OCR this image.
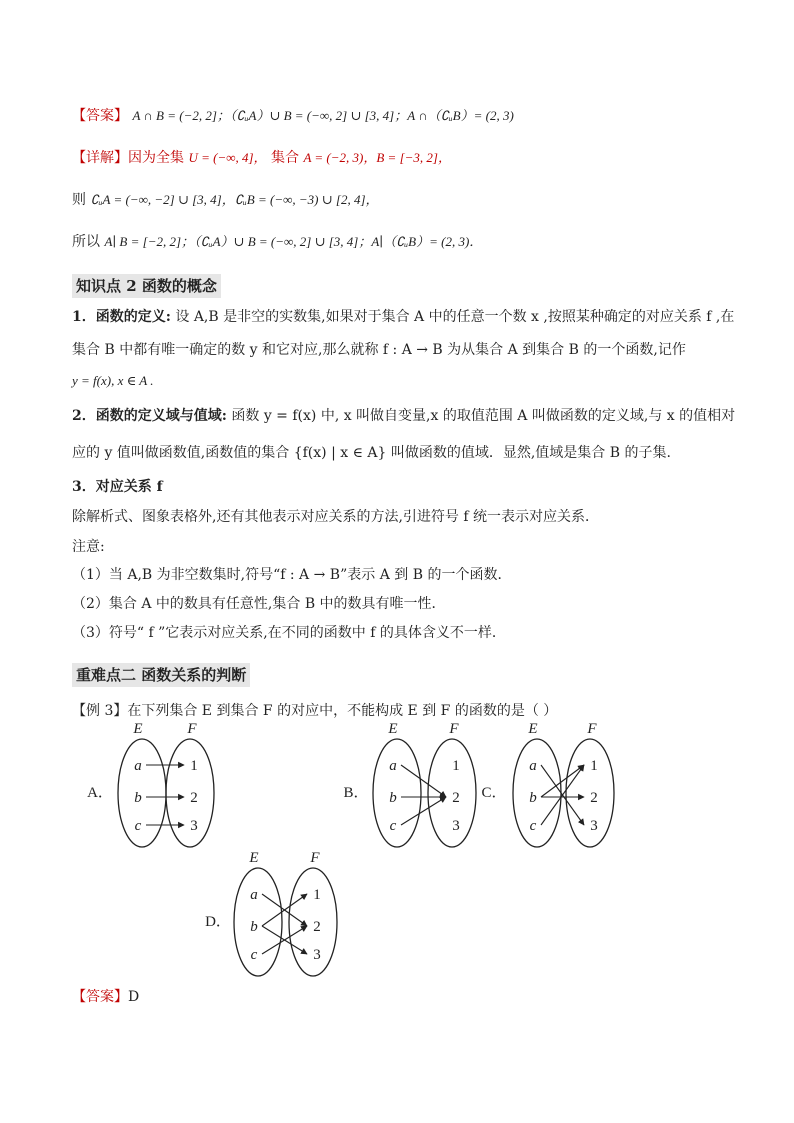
【答案】 A ∩ B = (−2, 2]；（∁ᵤA）∪ B = (−∞, 2] ∪ [3, 4]；A ∩（∁ᵤB）= (2, 3)
【详解】因为全集 U = (−∞, 4]， 集合 A = (−2, 3)，B = [−3, 2]，
则 ∁ᵤA = (−∞, −2] ∪ [3, 4]，∁ᵤB = (−∞, −3) ∪ [2, 4]，
所以 A∣ B = [−2, 2]；（∁ᵤA）∪ B = (−∞, 2] ∪ [3, 4]；A∣（∁ᵤB）= (2, 3)．
知识点 2 函数的概念
1．函数的定义: 设 A,B 是非空的实数集,如果对于集合 A 中的任意一个数 x ,按照某种确定的对应关系 f ,在
集合 B 中都有唯一确定的数 y 和它对应,那么就称 f : A → B 为从集合 A 到集合 B 的一个函数,记作
y = f(x), x ∈ A .
2．函数的定义域与值域: 函数 y = f(x) 中, x 叫做自变量,x 的取值范围 A 叫做函数的定义域,与 x 的值相对
应的 y 值叫做函数值,函数值的集合 {f(x) | x ∈ A} 叫做函数的值域．显然,值域是集合 B 的子集.
3．对应关系 f
除解析式、图象表格外,还有其他表示对应关系的方法,引进符号 f 统一表示对应关系．
注意:
（1）当 A,B 为非空数集时,符号“f : A → B”表示 A 到 B 的一个函数．
（2）集合 A 中的数具有任意性,集合 B 中的数具有唯一性．
（3）符号“ f ”它表示对应关系,在不同的函数中 f 的具体含义不一样．
重难点二 函数关系的判断
【例 3】在下列集合 E 到集合 F 的对应中，不能构成 E 到 F 的函数的是（ ）
A．
E	F
a
b
c
1
2
3
B．
E	F
a
b
c
1
2
3
C．
E	F
a
b
c
1
2
3
D．
E	F
a
b
c
1
2
3
【答案】D
